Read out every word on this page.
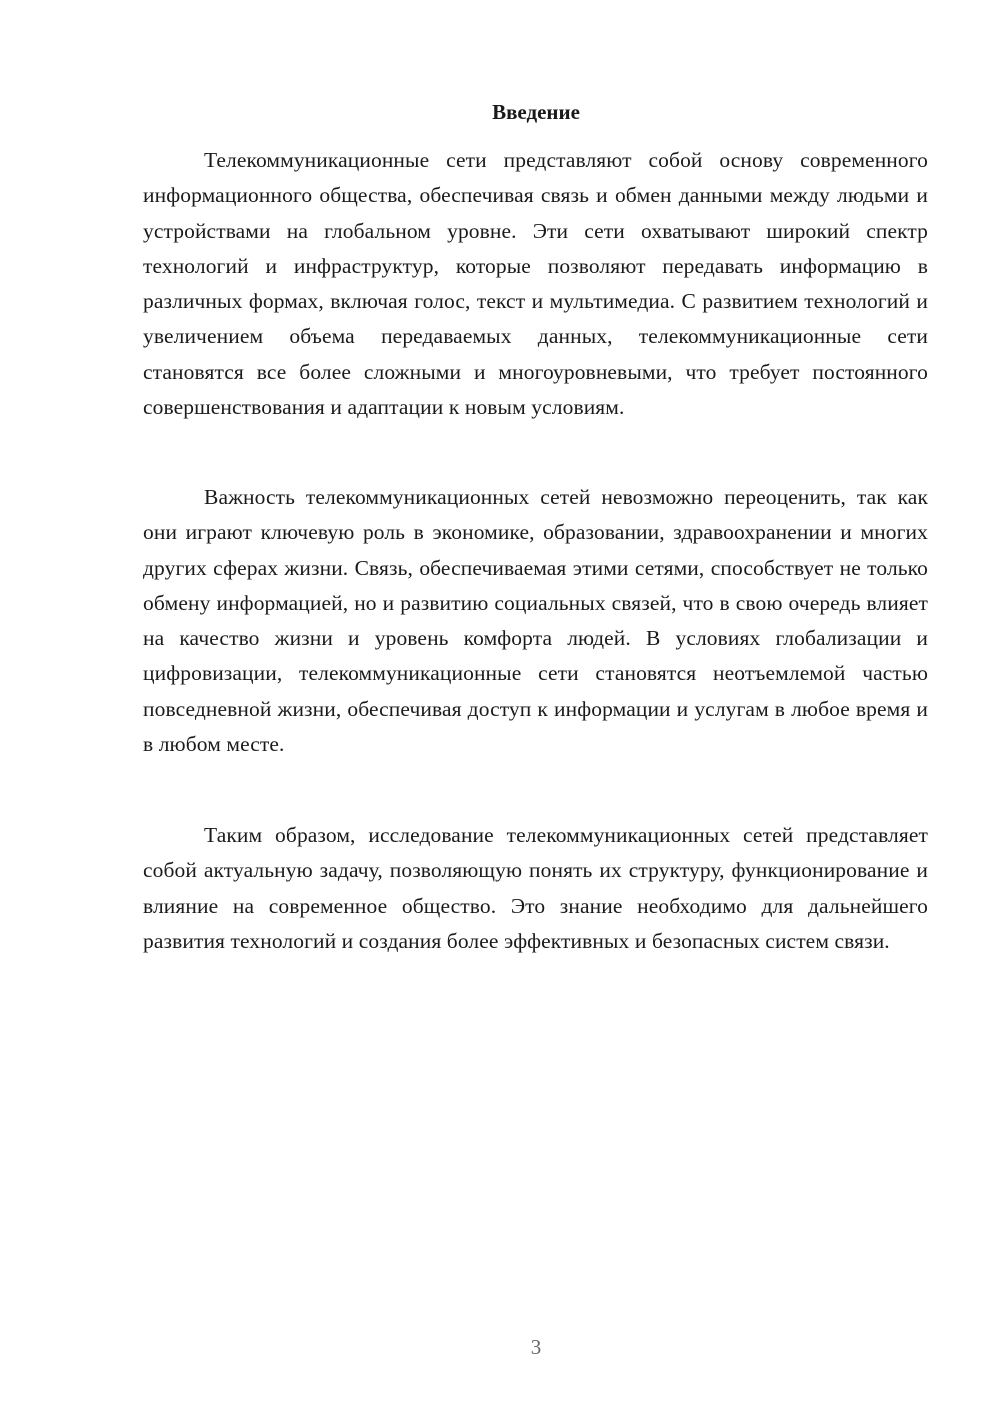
Введение

Телекоммуникационные сети представляют собой основу современного информационного общества, обеспечивая связь и обмен данными между людьми и устройствами на глобальном уровне. Эти сети охватывают широкий спектр технологий и инфраструктур, которые позволяют передавать информацию в различных формах, включая голос, текст и мультимедиа. С развитием технологий и увеличением объема передаваемых данных, телекоммуникационные сети становятся все более сложными и многоуровневыми, что требует постоянного совершенствования и адаптации к новым условиям.

Важность телекоммуникационных сетей невозможно переоценить, так как они играют ключевую роль в экономике, образовании, здравоохранении и многих других сферах жизни. Связь, обеспечиваемая этими сетями, способствует не только обмену информацией, но и развитию социальных связей, что в свою очередь влияет на качество жизни и уровень комфорта людей. В условиях глобализации и цифровизации, телекоммуникационные сети становятся неотъемлемой частью повседневной жизни, обеспечивая доступ к информации и услугам в любое время и в любом месте.

Таким образом, исследование телекоммуникационных сетей представляет собой актуальную задачу, позволяющую понять их структуру, функционирование и влияние на современное общество. Это знание необходимо для дальнейшего развития технологий и создания более эффективных и безопасных систем связи.

3
